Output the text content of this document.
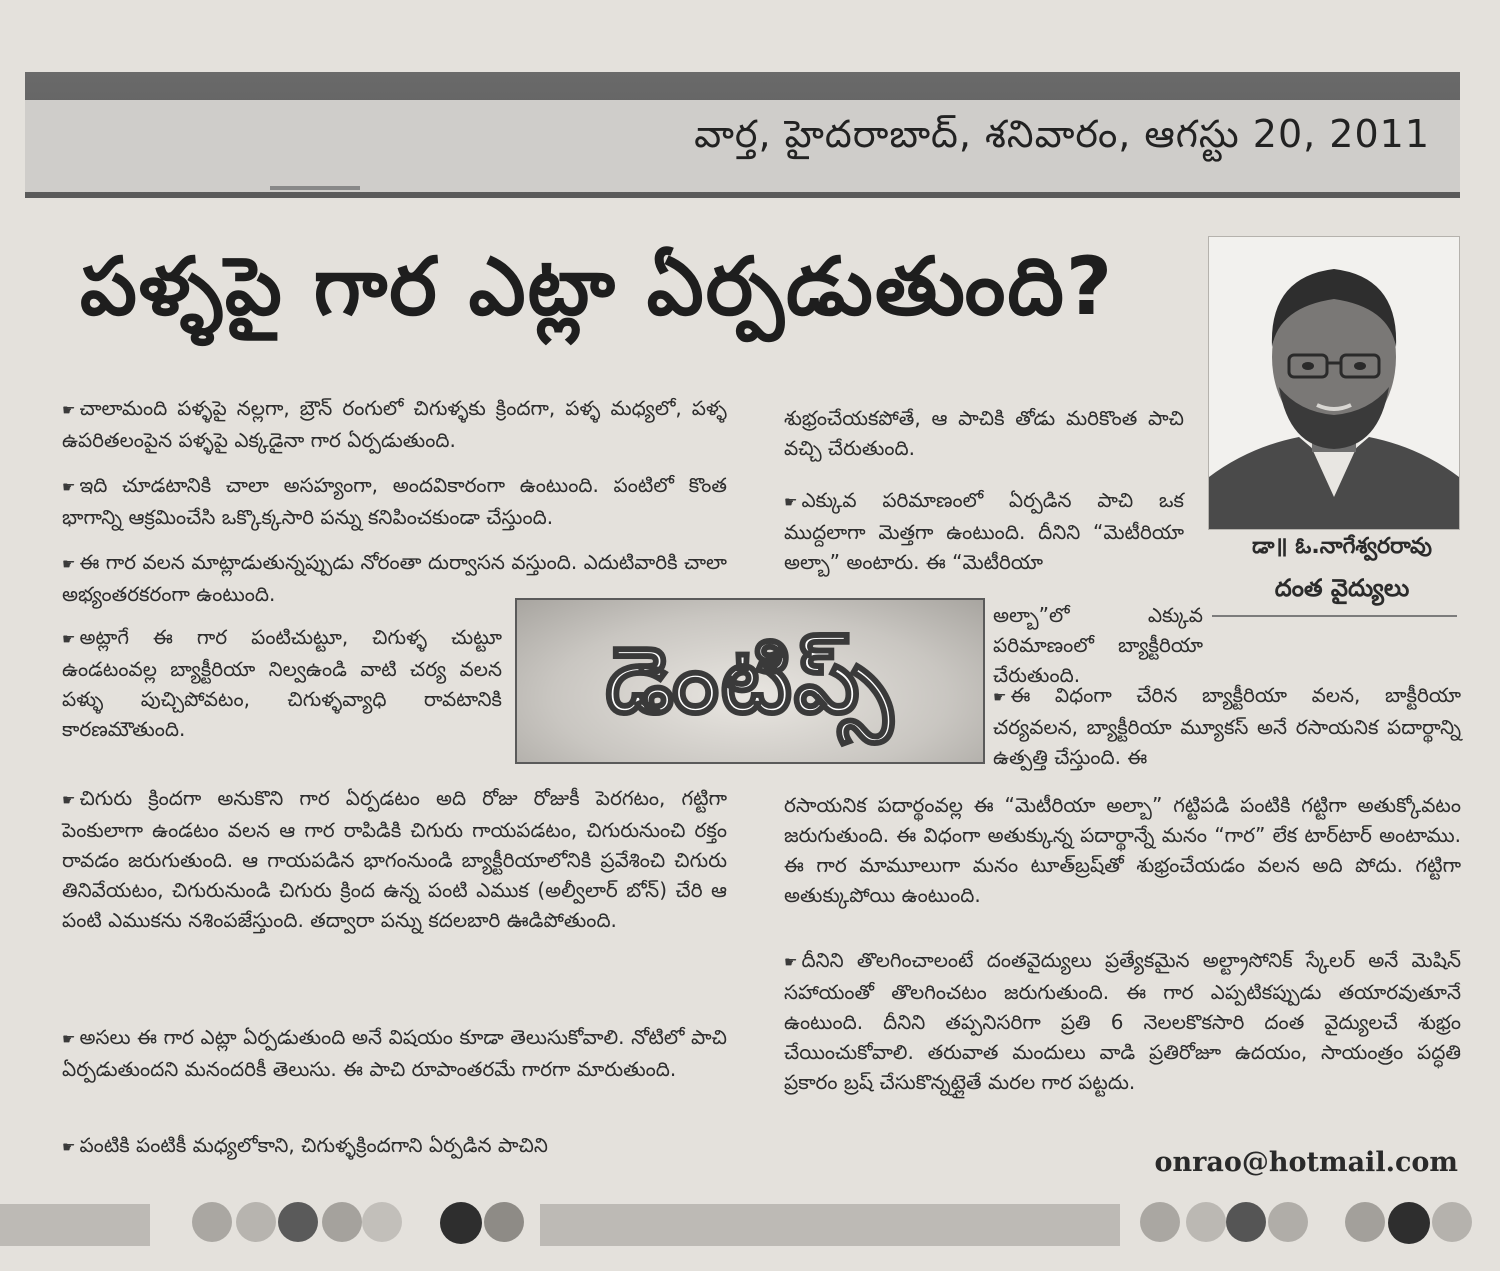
వార్త, హైదరాబాద్, శనివారం, ఆగస్టు 20, 2011
పళ్ళపై గార ఎట్లా ఏర్పడుతుంది?
డా॥ ఓ.నాగేశ్వరరావు
దంత వైద్యులు

☛ చాలామంది పళ్ళపై నల్లగా, బ్రౌన్ రంగులో చిగుళ్ళకు క్రిందగా, పళ్ళ మధ్యలో, పళ్ళ ఉపరితలంపైన పళ్ళపై ఎక్కడైనా గార ఏర్పడుతుంది.

☛ ఇది చూడటానికి చాలా అసహ్యంగా, అందవికారంగా ఉంటుంది. పంటిలో కొంత భాగాన్ని ఆక్రమించేసి ఒక్కొక్కసారి పన్ను కనిపించకుండా చేస్తుంది.

☛ ఈ గార వలన మాట్లాడుతున్నప్పుడు నోరంతా దుర్వాసన వస్తుంది. ఎదుటివారికి చాలా అభ్యంతరకరంగా ఉంటుంది.

☛ అట్లాగే ఈ గార పంటిచుట్టూ, చిగుళ్ళ చుట్టూ ఉండటంవల్ల బ్యాక్టీరియా నిల్వఉండి వాటి చర్య వలన పళ్ళు పుచ్చిపోవటం, చిగుళ్ళవ్యాధి రావటానికి కారణమౌతుంది.

☛ చిగురు క్రిందగా అనుకొని గార ఏర్పడటం అది రోజు రోజుకీ పెరగటం, గట్టిగా పెంకులాగా ఉండటం వలన ఆ గార రాపిడికి చిగురు గాయపడటం, చిగురునుంచి రక్తం రావడం జరుగుతుంది. ఆ గాయపడిన భాగంనుండి బ్యాక్టీరియాలోనికి ప్రవేశించి చిగురు తినివేయటం, చిగురునుండి చిగురు క్రింద ఉన్న పంటి ఎముక (అల్వీలార్ బోన్) చేరి ఆ పంటి ఎముకను నశింపజేస్తుంది. తద్వారా పన్ను కదలబారి ఊడిపోతుంది.

☛ అసలు ఈ గార ఎట్లా ఏర్పడుతుంది అనే విషయం కూడా తెలుసుకోవాలి. నోటిలో పాచి ఏర్పడుతుందని మనందరికీ తెలుసు. ఈ పాచి రూపాంతరమే గారగా మారుతుంది.

☛ పంటికి పంటికీ మధ్యలోకాని, చిగుళ్ళక్రిందగాని ఏర్పడిన పాచిని

డెంటిప్స్

శుభ్రంచేయకపోతే, ఆ పాచికి తోడు మరికొంత పాచి వచ్చి చేరుతుంది.

☛ ఎక్కువ పరిమాణంలో ఏర్పడిన పాచి ఒక ముద్దలాగా మెత్తగా ఉంటుంది. దీనిని “మెటీరియా అల్బా” అంటారు. ఈ “మెటీరియా

అల్బా”లో ఎక్కువ పరిమాణంలో బ్యాక్టీరియా చేరుతుంది.

☛ ఈ విధంగా చేరిన బ్యాక్టీరియా వలన, బాక్టీరియా చర్యవలన, బ్యాక్టీరియా మ్యూకస్ అనే రసాయనిక పదార్థాన్ని ఉత్పత్తి చేస్తుంది. ఈ

రసాయనిక పదార్థంవల్ల ఈ “మెటీరియా అల్బా” గట్టిపడి పంటికి గట్టిగా అతుక్కోవటం జరుగుతుంది. ఈ విధంగా అతుక్కున్న పదార్థాన్నే మనం “గార” లేక టార్‌టార్ అంటాము. ఈ గార మామూలుగా మనం టూత్‌బ్రష్‌తో శుభ్రంచేయడం వలన అది పోదు. గట్టిగా అతుక్కుపోయి ఉంటుంది.

☛ దీనిని తొలగించాలంటే దంతవైద్యులు ప్రత్యేకమైన అల్ట్రాసోనిక్ స్కేలర్ అనే మెషిన్ సహాయంతో తొలగించటం జరుగుతుంది. ఈ గార ఎప్పటికప్పుడు తయారవుతూనే ఉంటుంది. దీనిని తప్పనిసరిగా ప్రతి 6 నెలలకొకసారి దంత వైద్యులచే శుభ్రం చేయించుకోవాలి. తరువాత మందులు వాడి ప్రతిరోజూ ఉదయం, సాయంత్రం పద్ధతి ప్రకారం బ్రష్ చేసుకొన్నట్లైతే మరల గార పట్టదు.

onrao@hotmail.com
